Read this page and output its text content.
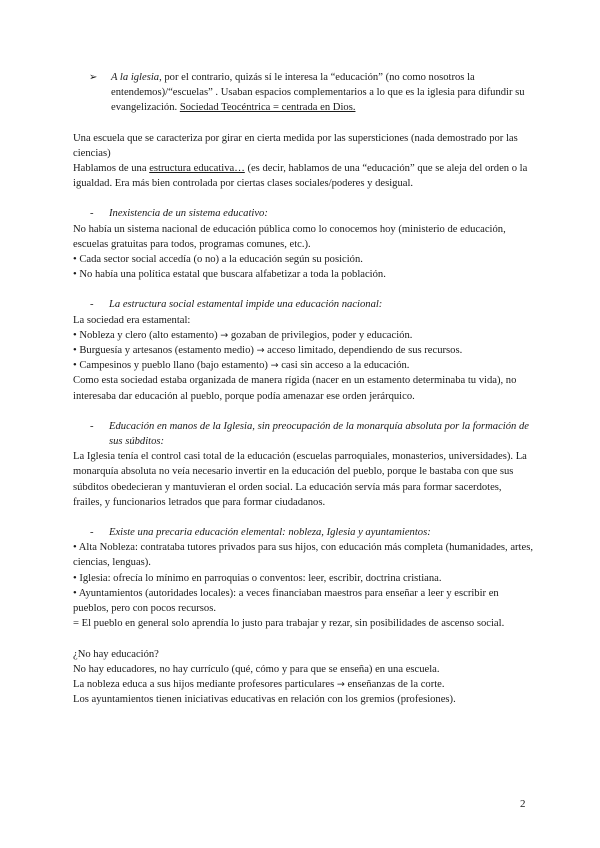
➢ A la iglesia, por el contrario, quizás sí le interesa la “educación” (no como nosotros la entendemos)/“escuelas” . Usaban espacios complementarios a lo que es la iglesia para difundir su evangelización. Sociedad Teocéntrica = centrada en Dios.

Una escuela que se caracteriza por girar en cierta medida por las supersticiones (nada demostrado por las ciencias)

Hablamos de una estructura educativa… (es decir, hablamos de una “educación” que se aleja del orden o la igualdad. Era más bien controlada por ciertas clases sociales/poderes y desigual.

- Inexistencia de un sistema educativo:

No había un sistema nacional de educación pública como lo conocemos hoy (ministerio de educación, escuelas gratuitas para todos, programas comunes, etc.).

• Cada sector social accedía (o no) a la educación según su posición.

• No había una política estatal que buscara alfabetizar a toda la población.

- La estructura social estamental impide una educación nacional:

La sociedad era estamental:

• Nobleza y clero (alto estamento) → gozaban de privilegios, poder y educación.

• Burguesía y artesanos (estamento medio) → acceso limitado, dependiendo de sus recursos.

• Campesinos y pueblo llano (bajo estamento) → casi sin acceso a la educación.

Como esta sociedad estaba organizada de manera rígida (nacer en un estamento determinaba tu vida), no interesaba dar educación al pueblo, porque podía amenazar ese orden jerárquico.

- Educación en manos de la Iglesia, sin preocupación de la monarquía absoluta por la formación de sus súbditos:

La Iglesia tenía el control casi total de la educación (escuelas parroquiales, monasterios, universidades). La monarquía absoluta no veía necesario invertir en la educación del pueblo, porque le bastaba con que sus súbditos obedecieran y mantuvieran el orden social. La educación servía más para formar sacerdotes, frailes, y funcionarios letrados que para formar ciudadanos.

- Existe una precaria educación elemental: nobleza, Iglesia y ayuntamientos:

• Alta Nobleza: contrataba tutores privados para sus hijos, con educación más completa (humanidades, artes, ciencias, lenguas).

• Iglesia: ofrecía lo mínimo en parroquias o conventos: leer, escribir, doctrina cristiana.

• Ayuntamientos (autoridades locales): a veces financiaban maestros para enseñar a leer y escribir en pueblos, pero con pocos recursos.

= El pueblo en general solo aprendía lo justo para trabajar y rezar, sin posibilidades de ascenso social.

¿No hay educación?

No hay educadores, no hay currículo (qué, cómo y para que se enseña) en una escuela.

La nobleza educa a sus hijos mediante profesores particulares → enseñanzas de la corte.

Los ayuntamientos tienen iniciativas educativas en relación con los gremios (profesiones).

2
